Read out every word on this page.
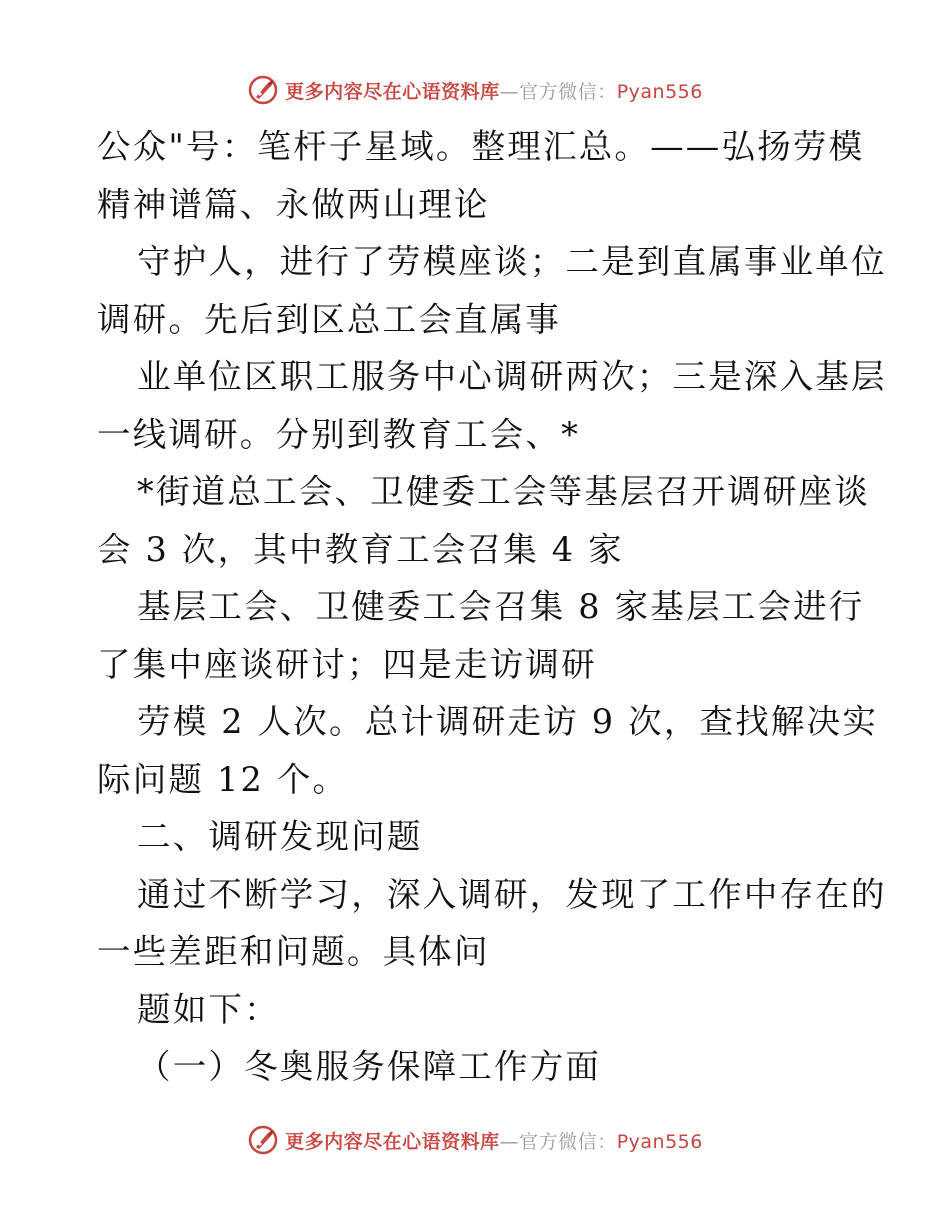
更多内容尽在心语资料库—官方微信：Pyan556
公众"号：笔杆子星域。整理汇总。——弘扬劳模
精神谱篇、永做两山理论
守护人，进行了劳模座谈；二是到直属事业单位
调研。先后到区总工会直属事
业单位区职工服务中心调研两次；三是深入基层
一线调研。分别到教育工会、*
*街道总工会、卫健委工会等基层召开调研座谈
会 3 次，其中教育工会召集 4 家
基层工会、卫健委工会召集 8 家基层工会进行
了集中座谈研讨；四是走访调研
劳模 2 人次。总计调研走访 9 次，查找解决实
际问题 12 个。
二、调研发现问题
通过不断学习，深入调研，发现了工作中存在的
一些差距和问题。具体问
题如下：
（一）冬奥服务保障工作方面
更多内容尽在心语资料库—官方微信：Pyan556
